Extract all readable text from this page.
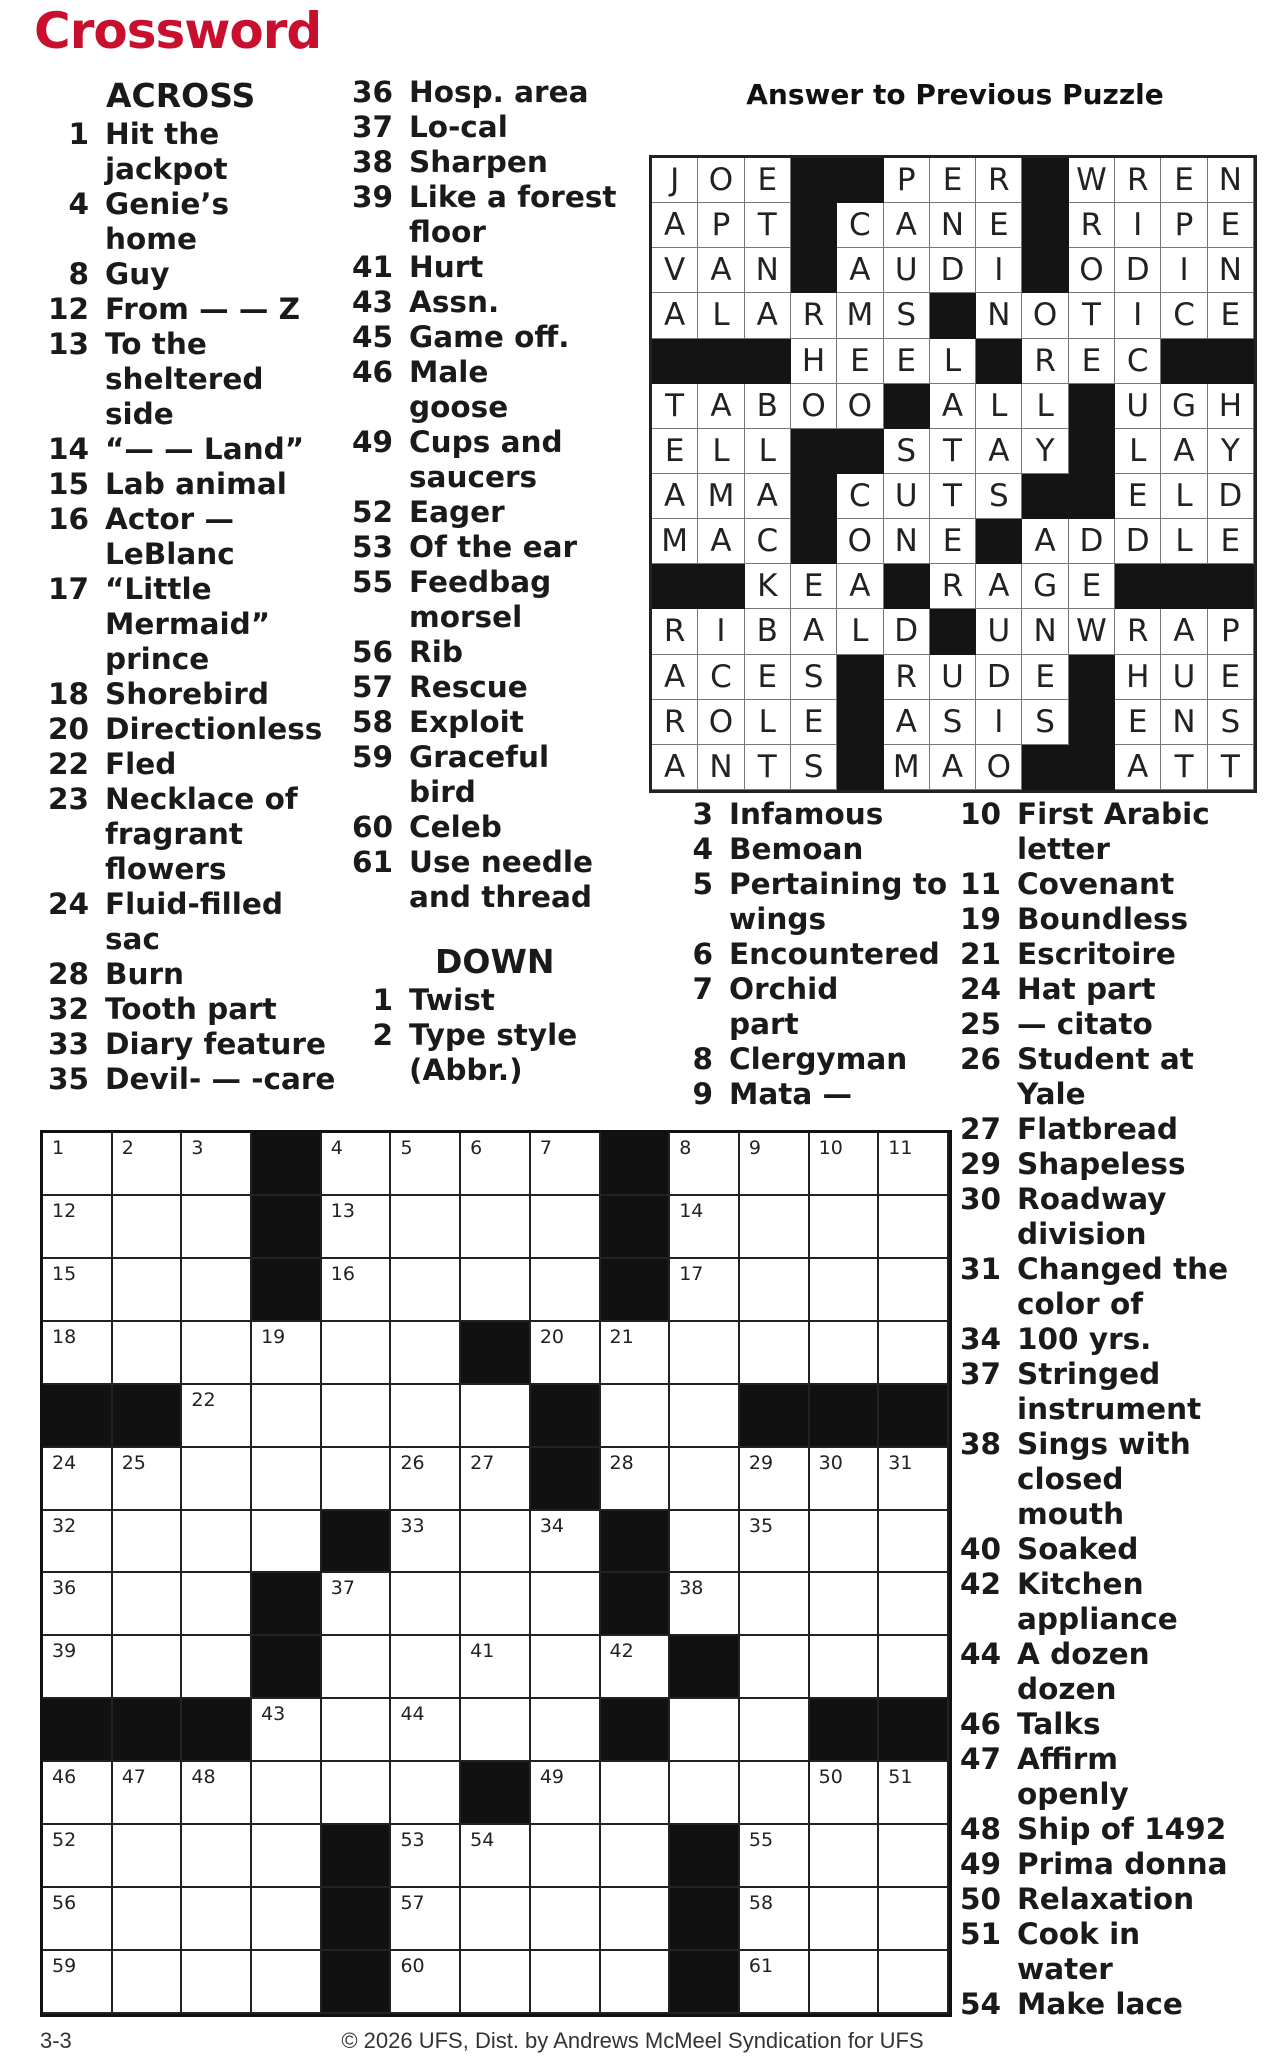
Crossword
ACROSS
1 Hit the
jackpot
4 Genie’s
home
8 Guy
12 From — — Z
13 To the
sheltered
side
14 “— — Land”
15 Lab animal
16 Actor —
LeBlanc
17 “Little
Mermaid”
prince
18 Shorebird
20 Directionless
22 Fled
23 Necklace of
fragrant
flowers
24 Fluid-filled
sac
28 Burn
32 Tooth part
33 Diary feature
35 Devil- — -care
36 Hosp. area
37 Lo-cal
38 Sharpen
39 Like a forest
floor
41 Hurt
43 Assn.
45 Game off.
46 Male
goose
49 Cups and
saucers
52 Eager
53 Of the ear
55 Feedbag
morsel
56 Rib
57 Rescue
58 Exploit
59 Graceful
bird
60 Celeb
61 Use needle
and thread
DOWN
1 Twist
2 Type style
(Abbr.)
Answer to Previous Puzzle
J O E	P E R	W R E N
A P T	C A N E	R I	P E
V A N	A U D I	O D I N
A L A R M S	N O T	I C E
H E E L	R E C
T A B O O	A L L	U G H
E L L	S T A Y	L A Y
A M A	C U T S	E L D
M A C	O N E	A D D L E
K E A	R A G E
R I	B A L D	U N W R A P
A C E S	R U D E	H U E
R O L E	A S	I	S	E N S
A N T S	M A O	A T T
3 Infamous
4 Bemoan
5 Pertaining to
wings
6 Encountered
7 Orchid
part
8 Clergyman
9 Mata —
10 First Arabic
letter
11 Covenant
19 Boundless
21 Escritoire
24 Hat part
25 — citato
26 Student at
Yale
27 Flatbread
29 Shapeless
30 Roadway
division
31 Changed the
color of
34 100 yrs.
37 Stringed
instrument
38 Sings with
closed
mouth
40 Soaked
42 Kitchen
appliance
44 A dozen
dozen
46 Talks
47 Affirm
openly
48 Ship of 1492
49 Prima donna
50 Relaxation
51 Cook in
water
54 Make lace
1	2	3	4	5	6	7	8	9	10 11
12	13	14
15	16	17
18	19	20 21
22
24 25	26 27	28	29 30 31
32	33	34	35
36	37	38
39	41	42
43	44
46 47 48	49	50 51
52	53 54	55
56	57	58
59	60	61
3-3	© 2026 UFS, Dist. by Andrews McMeel Syndication for UFS
